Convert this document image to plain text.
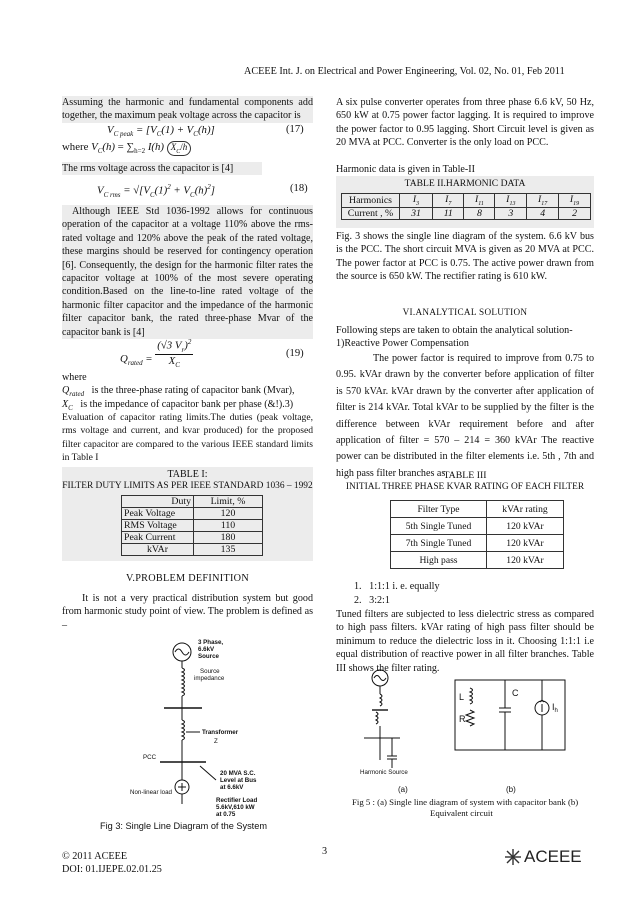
ACEEE Int. J. on Electrical and Power Engineering, Vol. 02, No. 01, Feb 2011
Assuming the harmonic and fundamental components add together, the maximum peak voltage across the capacitor is
$V_{C peak} = [V_C(1) + V_C(h)]$	(17)
where $V_C(h) = \sum_{h=2}$ I(h) $X_C/h$
The rms voltage across the capacitor is [4]
$V_{C rms} = √[V_C(1)^2 + V_C(h)^2]$	(18)
Although IEEE Std 1036-1992 allows for continuous operation of the capacitor at a voltage 110% above the rms-rated voltage and 120% above the peak of the rated voltage, these margins should be reserved for contingency operation [6]. Consequently, the design for the harmonic filter rates the capacitor voltage at 100% of the most severe operating condition.Based on the line-to-line rated voltage of the harmonic filter capacitor and the impedance of the harmonic filter capacitor bank, the rated three-phase Mvar of the capacitor bank is [4]
$Q_{rated} = \frac{(√3 V_r)^2}{X_C}$	(19)
where
$Q_{rated}$ is the three-phase rating of capacitor bank (Mvar),
$X_C$ is the impedance of capacitor bank per phase (&!).3)
Evaluation of capacitor rating limits.The duties (peak voltage, rms voltage and current, and kvar produced) for the proposed filter capacitor are compared to the various IEEE standard limits in Table I
TABLE I:
FILTER DUTY LIMITS AS PER IEEE STANDARD 1036 – 1992
Duty	Limit, %
Peak Voltage	120
RMS Voltage	110
Peak Current	180
kVAr	135
V.PROBLEM DEFINITION
It is not a very practical distribution system but good from harmonic study point of view. The problem is defined as –
3 Phase,
6.6kV
Source
Source
impedance
Transformer
Z
PCC
20 MVA S.C.
Level at Bus
at 6.6kV
Non-linear load
Rectifier Load
5.6kV,610 kW
at 0.75
Fig 3: Single Line Diagram of the System
A six pulse converter operates from three phase 6.6 kV, 50 Hz, 650 kW at 0.75 power factor lagging. It is required to improve the power factor to 0.95 lagging. Short Circuit level is given as 20 MVA at PCC. Converter is the only load on PCC.
Harmonic data is given in Table-II
TABLE II.HARMONIC DATA
Harmonics	$I_3$	$I_7$	$I_{11}$	$I_{13}$	$I_{17}$	$I_{19}$
Current , %	31	11	8	3	4	2
Fig. 3 shows the single line diagram of the system. 6.6 kV bus is the PCC. The short circuit MVA is given as 20 MVA at PCC. The power factor at PCC is 0.75. The active power drawn from the source is 650 kW. The rectifier rating is 610 kW.
VI.ANALYTICAL SOLUTION
Following steps are taken to obtain the analytical solution-
1)Reactive Power Compensation
The power factor is required to improve from 0.75 to 0.95. kVAr drawn by the converter before application of filter is 570 kVAr. kVAr drawn by the converter after application of filter is 214 kVAr. Total kVAr to be supplied by the filter is the difference between kVAr requirement before and after application of filter = 570 – 214 = 360 kVAr The reactive power can be distributed in the filter elements i.e. 5th , 7th and high pass filter branches as
TABLE III
INITIAL THREE PHASE KVAR RATING OF EACH FILTER
Filter Type	kVAr rating
5th Single Tuned	120 kVAr
7th Single Tuned	120 kVAr
High pass	120 kVAr
1.   1:1:1 i. e. equally
2.   3:2:1
Tuned filters are subjected to less dielectric stress as compared to high pass filters. kVAr rating of high pass filter should be minimum to reduce the dielectric loss in it. Choosing 1:1:1 i.e equal distribution of reactive power in all filter branches. Table III shows the filter rating.
Harmonic Source
L
R
C
$I_h$
(a)	(b)
Fig 5 : (a) Single line diagram of system with capacitor bank (b)
Equivalent circuit
© 2011 ACEEE
DOI: 01.IJEPE.02.01.25
3	ACEEE
